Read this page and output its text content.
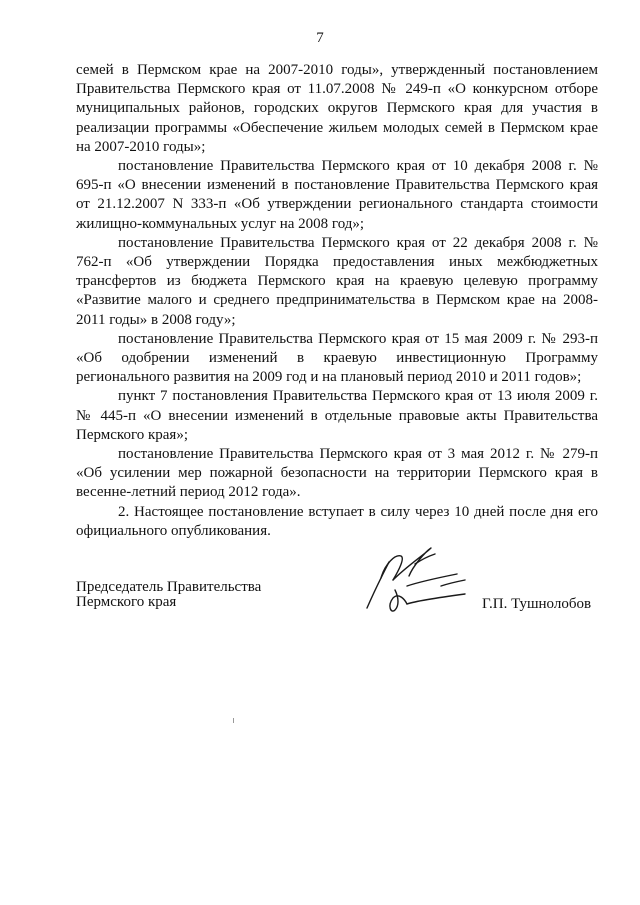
7

семей в Пермском крае на 2007-2010 годы», утвержденный постановлением Правительства Пермского края от 11.07.2008 № 249-п «О конкурсном отборе муниципальных районов, городских округов Пермского края для участия в реализации программы «Обеспечение жильем молодых семей в Пермском крае на 2007-2010 годы»;

постановление Правительства Пермского края от 10 декабря 2008 г. № 695-п «О внесении изменений в постановление Правительства Пермского края от 21.12.2007 N 333-п «Об утверждении регионального стандарта стоимости жилищно-коммунальных услуг на 2008 год»;

постановление Правительства Пермского края от 22 декабря 2008 г. № 762-п «Об утверждении Порядка предоставления иных межбюджетных трансфертов из бюджета Пермского края на краевую целевую программу «Развитие малого и среднего предпринимательства в Пермском крае на 2008-2011 годы» в 2008 году»;

постановление Правительства Пермского края от 15 мая 2009 г. № 293-п «Об одобрении изменений в краевую инвестиционную Программу регионального развития на 2009 год и на плановый период 2010 и 2011 годов»;

пункт 7 постановления Правительства Пермского края от 13 июля 2009 г. № 445-п «О внесении изменений в отдельные правовые акты Правительства Пермского края»;

постановление Правительства Пермского края от 3 мая 2012 г. № 279-п «Об усилении мер пожарной безопасности на территории Пермского края в весенне-летний период 2012 года».

2. Настоящее постановление вступает в силу через 10 дней после дня его официального опубликования.

Председатель Правительства
Пермского края	Г.П. Тушнолобов
